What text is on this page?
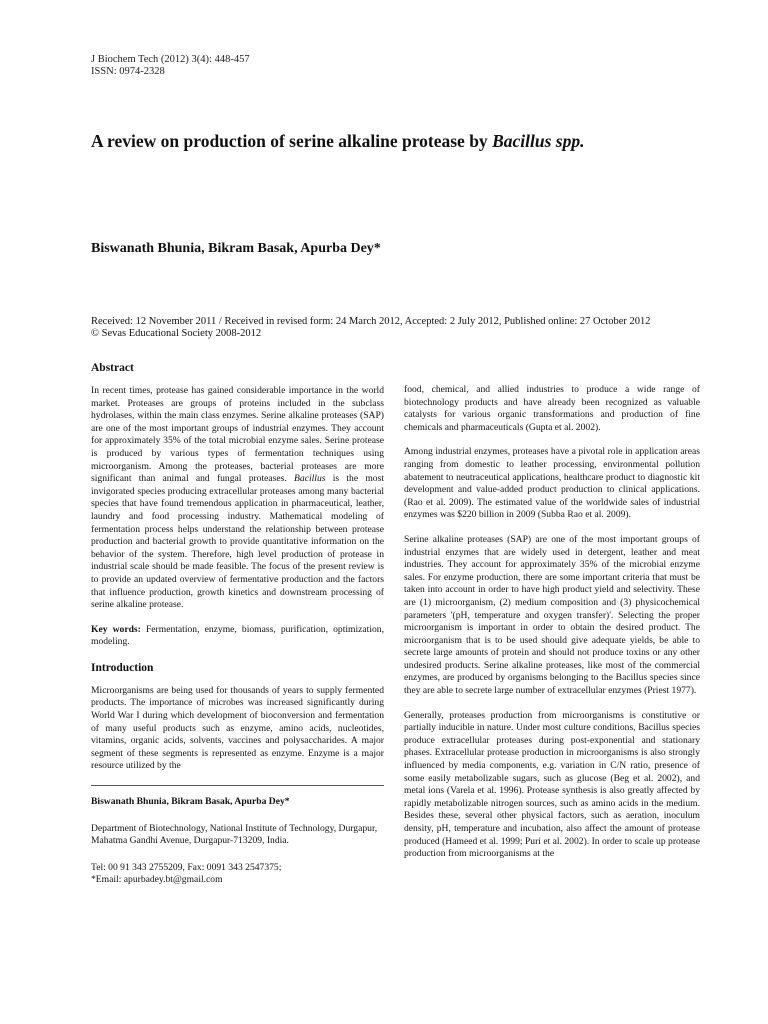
J Biochem Tech (2012) 3(4): 448-457
ISSN: 0974-2328
A review on production of serine alkaline protease by Bacillus spp.
Biswanath Bhunia, Bikram Basak, Apurba Dey*
Received: 12 November 2011 / Received in revised form: 24 March 2012, Accepted: 2 July 2012, Published online: 27 October 2012
© Sevas Educational Society 2008-2012
Abstract

In recent times, protease has gained considerable importance in the world market. Proteases are groups of proteins included in the subclass hydrolases, within the main class enzymes. Serine alkaline proteases (SAP) are one of the most important groups of industrial enzymes. They account for approximately 35% of the total microbial enzyme sales. Serine protease is produced by various types of fermentation techniques using microorganism. Among the proteases, bacterial proteases are more significant than animal and fungal proteases. Bacillus is the most invigorated species producing extracellular proteases among many bacterial species that have found tremendous application in pharmaceutical, leather, laundry and food processing industry. Mathematical modeling of fermentation process helps understand the relationship between protease production and bacterial growth to provide quantitative information on the behavior of the system. Therefore, high level production of protease in industrial scale should be made feasible. The focus of the present review is to provide an updated overview of fermentative production and the factors that influence production, growth kinetics and downstream processing of serine alkaline protease.

Key words: Fermentation, enzyme, biomass, purification, optimization, modeling.

Introduction

Microorganisms are being used for thousands of years to supply fermented products. The importance of microbes was increased significantly during World War I during which development of bioconversion and fermentation of many useful products such as enzyme, amino acids, nucleotides, vitamins, organic acids, solvents, vaccines and polysaccharides. A major segment of these segments is represented as enzyme. Enzyme is a major resource utilized by the

Biswanath Bhunia, Bikram Basak, Apurba Dey*
Department of Biotechnology, National Institute of Technology, Durgapur, Mahatma Gandhi Avenue, Durgapur-713209, India.
Tel: 00 91 343 2755209, Fax: 0091 343 2547375;
*Email: apurbadey.bt@gmail.com

food, chemical, and allied industries to produce a wide range of biotechnology products and have already been recognized as valuable catalysts for various organic transformations and production of fine chemicals and pharmaceuticals (Gupta et al. 2002).

Among industrial enzymes, proteases have a pivotal role in application areas ranging from domestic to leather processing, environmental pollution abatement to neutraceutical applications, healthcare product to diagnostic kit development and value-added product production to clinical applications. (Rao et al. 2009). The estimated value of the worldwide sales of industrial enzymes was $220 billion in 2009 (Subba Rao et al. 2009).

Serine alkaline proteases (SAP) are one of the most important groups of industrial enzymes that are widely used in detergent, leather and meat industries. They account for approximately 35% of the microbial enzyme sales. For enzyme production, there are some important criteria that must be taken into account in order to have high product yield and selectivity. These are (1) microorganism, (2) medium composition and (3) physicochemical parameters '(pH, temperature and oxygen transfer)'. Selecting the proper microorganism is important in order to obtain the desired product. The microorganism that is to be used should give adequate yields, be able to secrete large amounts of protein and should not produce toxins or any other undesired products. Serine alkaline proteases, like most of the commercial enzymes, are produced by organisms belonging to the Bacillus species since they are able to secrete large number of extracellular enzymes (Priest 1977).

Generally, proteases production from microorganisms is constitutive or partially inducible in nature. Under most culture conditions, Bacillus species produce extracellular proteases during post-exponential and stationary phases. Extracellular protease production in microorganisms is also strongly influenced by media components, e.g. variation in C/N ratio, presence of some easily metabolizable sugars, such as glucose (Beg et al. 2002), and metal ions (Varela et al. 1996). Protease synthesis is also greatly affected by rapidly metabolizable nitrogen sources, such as amino acids in the medium. Besides these, several other physical factors, such as aeration, inoculum density, pH, temperature and incubation, also affect the amount of protease produced (Hameed et al. 1999; Puri et al. 2002). In order to scale up protease production from microorganisms at the
